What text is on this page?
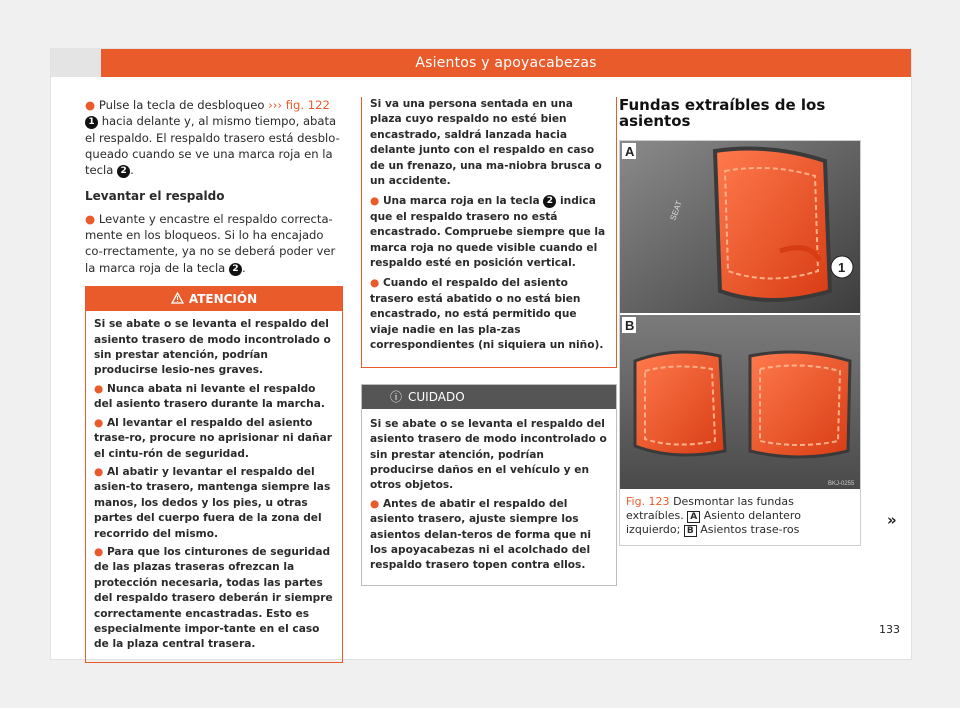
Asientos y apoyacabezas

● Pulse la tecla de desbloqueo ››› fig. 122 1 hacia delante y, al mismo tiempo, abata el respaldo. El respaldo trasero está desblo-queado cuando se ve una marca roja en la tecla 2 .

Levantar el respaldo

● Levante y encastre el respaldo correcta-mente en los bloqueos. Si lo ha encajado co-rrectamente, ya no se deberá poder ver la marca roja de la tecla 2 .

ATENCIÓN

Si se abate o se levanta el respaldo del asiento trasero de modo incontrolado o sin prestar atención, podrían producirse lesio-nes graves.

● Nunca abata ni levante el respaldo del asiento trasero durante la marcha.

● Al levantar el respaldo del asiento trase-ro, procure no aprisionar ni dañar el cintu-rón de seguridad.

● Al abatir y levantar el respaldo del asien-to trasero, mantenga siempre las manos, los dedos y los pies, u otras partes del cuerpo fuera de la zona del recorrido del mismo.

● Para que los cinturones de seguridad de las plazas traseras ofrezcan la protección necesaria, todas las partes del respaldo trasero deberán ir siempre correctamente encastradas. Esto es especialmente impor-tante en el caso de la plaza central trasera.

Si va una persona sentada en una plaza cuyo respaldo no esté bien encastrado, saldrá lanzada hacia delante junto con el respaldo en caso de un frenazo, una ma-niobra brusca o un accidente.

● Una marca roja en la tecla 2 indica que el respaldo trasero no está encastrado. Compruebe siempre que la marca roja no quede visible cuando el respaldo esté en posición vertical.

● Cuando el respaldo del asiento trasero está abatido o no está bien encastrado, no está permitido que viaje nadie en las pla-zas correspondientes (ni siquiera un niño).

ⓘ CUIDADO

Si se abate o se levanta el respaldo del asiento trasero de modo incontrolado o sin prestar atención, podrían producirse daños en el vehículo y en otros objetos.

● Antes de abatir el respaldo del asiento trasero, ajuste siempre los asientos delan-teros de forma que ni los apoyacabezas ni el acolchado del respaldo trasero topen contra ellos.

Fundas extraíbles de los asientos
A
SEAT
1
B
BKJ-0255
Fig. 123 Desmontar las fundas extraíbles. A Asiento delantero izquierdo; B Asientos trase-ros
»
133
